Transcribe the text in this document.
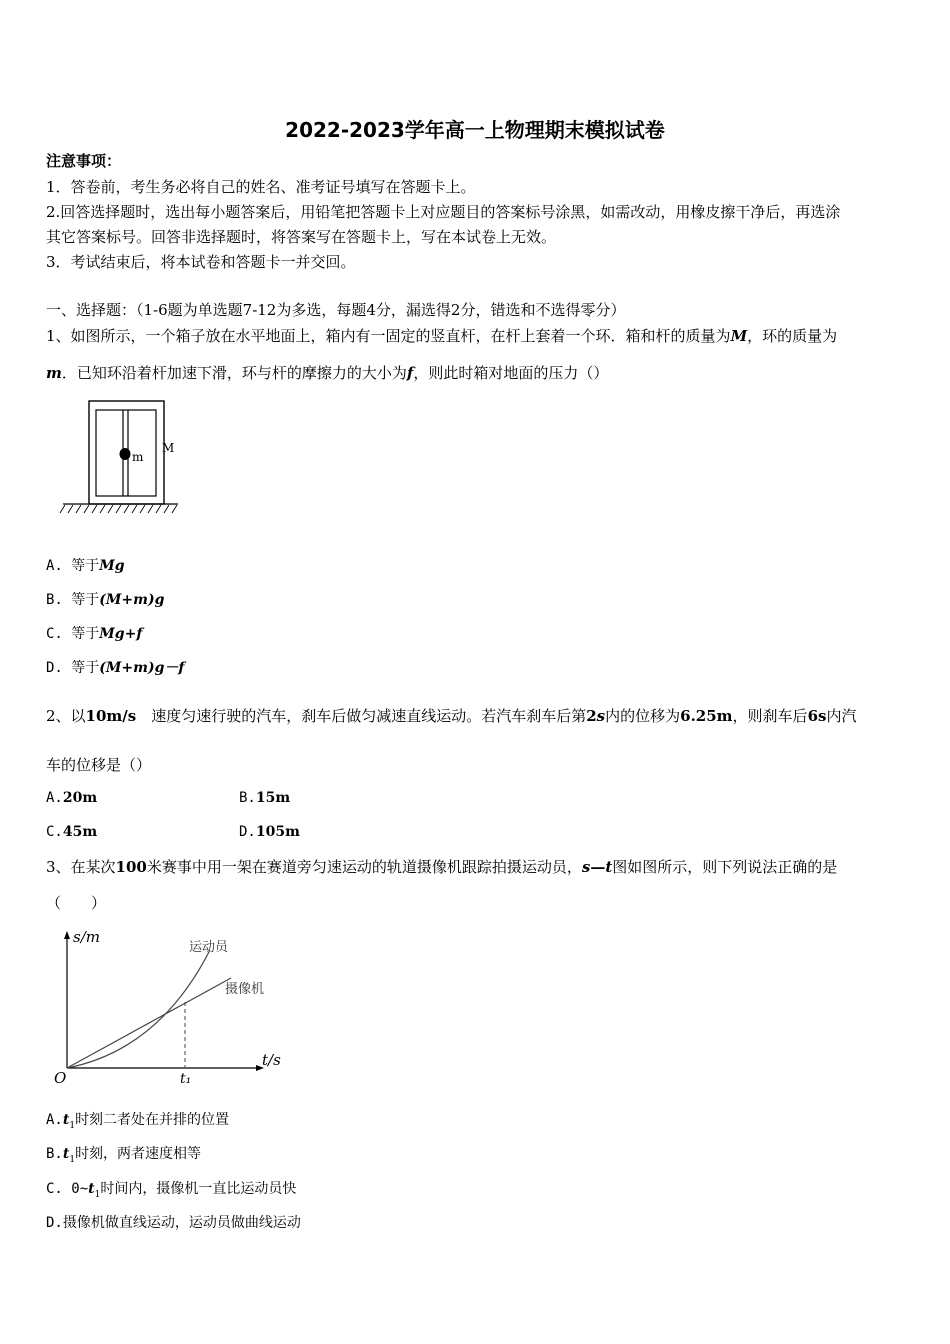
2022-2023学年高一上物理期末模拟试卷
注意事项：
1．答卷前，考生务必将自己的姓名、准考证号填写在答题卡上。
2.回答选择题时，选出每小题答案后，用铅笔把答题卡上对应题目的答案标号涂黑，如需改动，用橡皮擦干净后，再选涂
其它答案标号。回答非选择题时，将答案写在答题卡上，写在本试卷上无效。
3．考试结束后，将本试卷和答题卡一并交回。
一、选择题：（1-6题为单选题7-12为多选，每题4分，漏选得2分，错选和不选得零分）
1、如图所示，一个箱子放在水平地面上，箱内有一固定的竖直杆，在杆上套着一个环．箱和杆的质量为M，环的质量为
m．已知环沿着杆加速下滑，环与杆的摩擦力的大小为f，则此时箱对地面的压力（）
m
M
A. 等于Mg
B. 等于(M+m)g
C. 等于Mg+f
D. 等于(M+m)g－f
2、以10m/s　速度匀速行驶的汽车，刹车后做匀减速直线运动。若汽车刹车后第2s内的位移为6.25m，则刹车后6s内汽
车的位移是（）
A.20m	B.15m
C.45m	D.105m
3、在某次100米赛事中用一架在赛道旁匀速运动的轨道摄像机跟踪拍摄运动员，s—t图如图所示，则下列说法正确的是
（　　）
s/m
t/s
O	t₁
运动员
摄像机
$A.t_1$时刻二者处在并排的位置
$B.t_1$时刻，两者速度相等
C. $0\sim t_1$时间内，摄像机一直比运动员快
D.摄像机做直线运动，运动员做曲线运动
